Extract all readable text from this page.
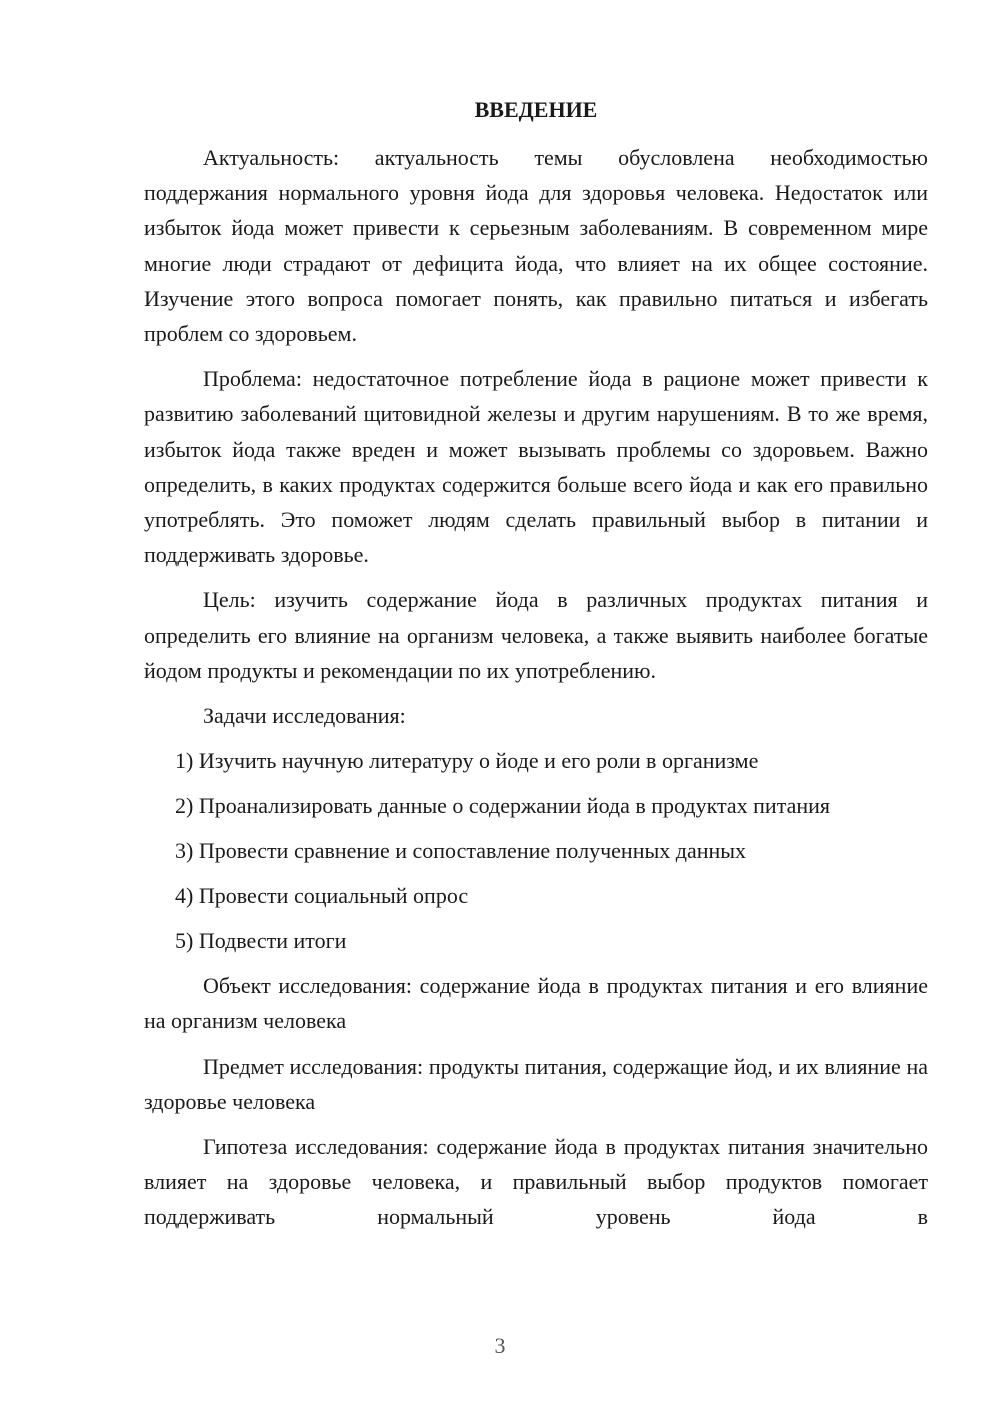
ВВЕДЕНИЕ

Актуальность: актуальность темы обусловлена необходимостью поддержания нормального уровня йода для здоровья человека. Недостаток или избыток йода может привести к серьезным заболеваниям. В современном мире многие люди страдают от дефицита йода, что влияет на их общее состояние. Изучение этого вопроса помогает понять, как правильно питаться и избегать проблем со здоровьем.

Проблема: недостаточное потребление йода в рационе может привести к развитию заболеваний щитовидной железы и другим нарушениям. В то же время, избыток йода также вреден и может вызывать проблемы со здоровьем. Важно определить, в каких продуктах содержится больше всего йода и как его правильно употреблять. Это поможет людям сделать правильный выбор в питании и поддерживать здоровье.

Цель: изучить содержание йода в различных продуктах питания и определить его влияние на организм человека, а также выявить наиболее богатые йодом продукты и рекомендации по их употреблению.

Задачи исследования:

1) Изучить научную литературу о йоде и его роли в организме
2) Проанализировать данные о содержании йода в продуктах питания
3) Провести сравнение и сопоставление полученных данных
4) Провести социальный опрос
5) Подвести итоги

Объект исследования: содержание йода в продуктах питания и его влияние на организм человека

Предмет исследования: продукты питания, содержащие йод, и их влияние на здоровье человека

Гипотеза исследования: содержание йода в продуктах питания значительно влияет на здоровье человека, и правильный выбор продуктов помогает поддерживать нормальный уровень йода в

3
